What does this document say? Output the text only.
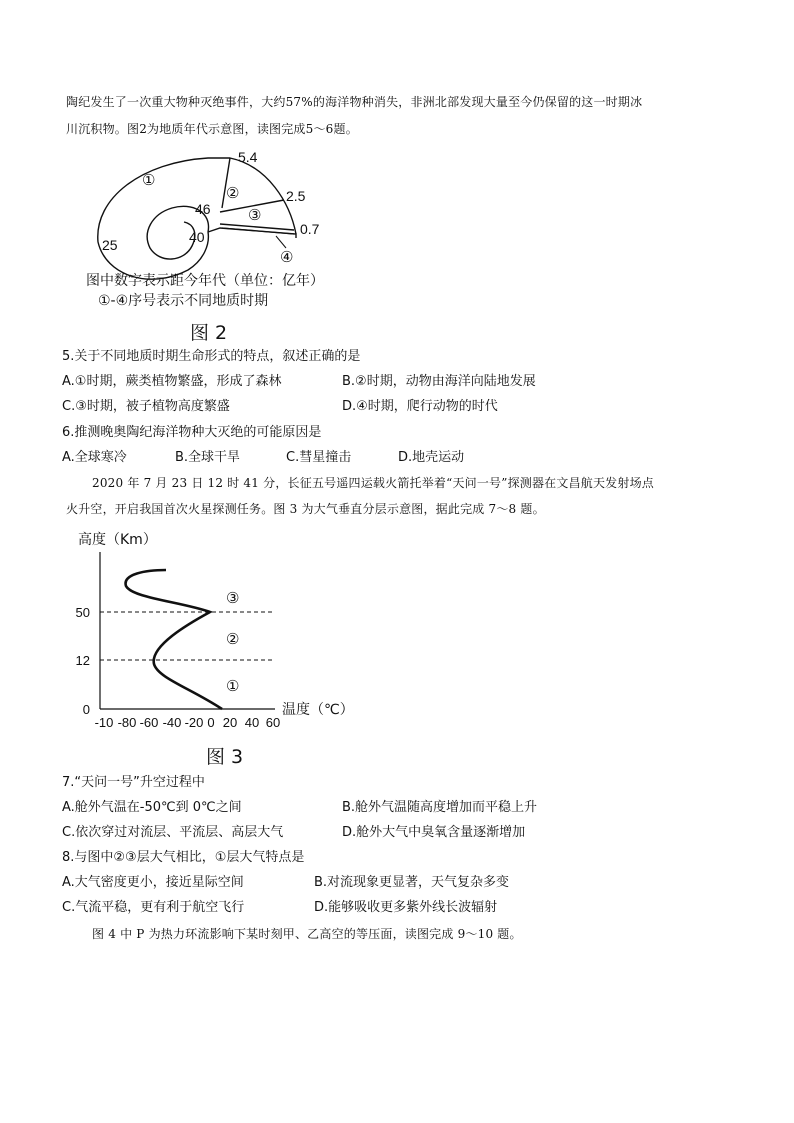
陶纪发生了一次重大物种灭绝事件，大约57%的海洋物种消失，非洲北部发现大量至今仍保留的这一时期冰
川沉积物。图2为地质年代示意图，读图完成5～6题。
①
②
③
④
5.4
2.5
0.7
46
40
25
图中数字表示距今年代（单位：亿年）
①-④序号表示不同地质时期
图 2
5.关于不同地质时期生命形式的特点，叙述正确的是
A.①时期，蕨类植物繁盛，形成了森林	B.②时期，动物由海洋向陆地发展
C.③时期，被子植物高度繁盛	D.④时期，爬行动物的时代
6.推测晚奥陶纪海洋物种大灭绝的可能原因是
A.全球寒冷	B.全球干旱	C.彗星撞击	D.地壳运动
2020 年 7 月 23 日 12 时 41 分，长征五号遥四运载火箭托举着“天问一号”探测器在文昌航天发射场点
火升空，开启我国首次火星探测任务。图 3 为大气垂直分层示意图，据此完成 7～8 题。
高度（Km）
50
12
0
-10 -80 -60 -40 -20 0 20 40 60
③
②
①
温度（℃）
图 3
7.“天问一号”升空过程中
A.舱外气温在-50℃到 0℃之间	B.舱外气温随高度增加而平稳上升
C.依次穿过对流层、平流层、高层大气	D.舱外大气中臭氧含量逐渐增加
8.与图中②③层大气相比，①层大气特点是
A.大气密度更小，接近星际空间	B.对流现象更显著，天气复杂多变
C.气流平稳，更有利于航空飞行	D.能够吸收更多紫外线长波辐射
图 4 中 P 为热力环流影响下某时刻甲、乙高空的等压面，读图完成 9～10 题。
